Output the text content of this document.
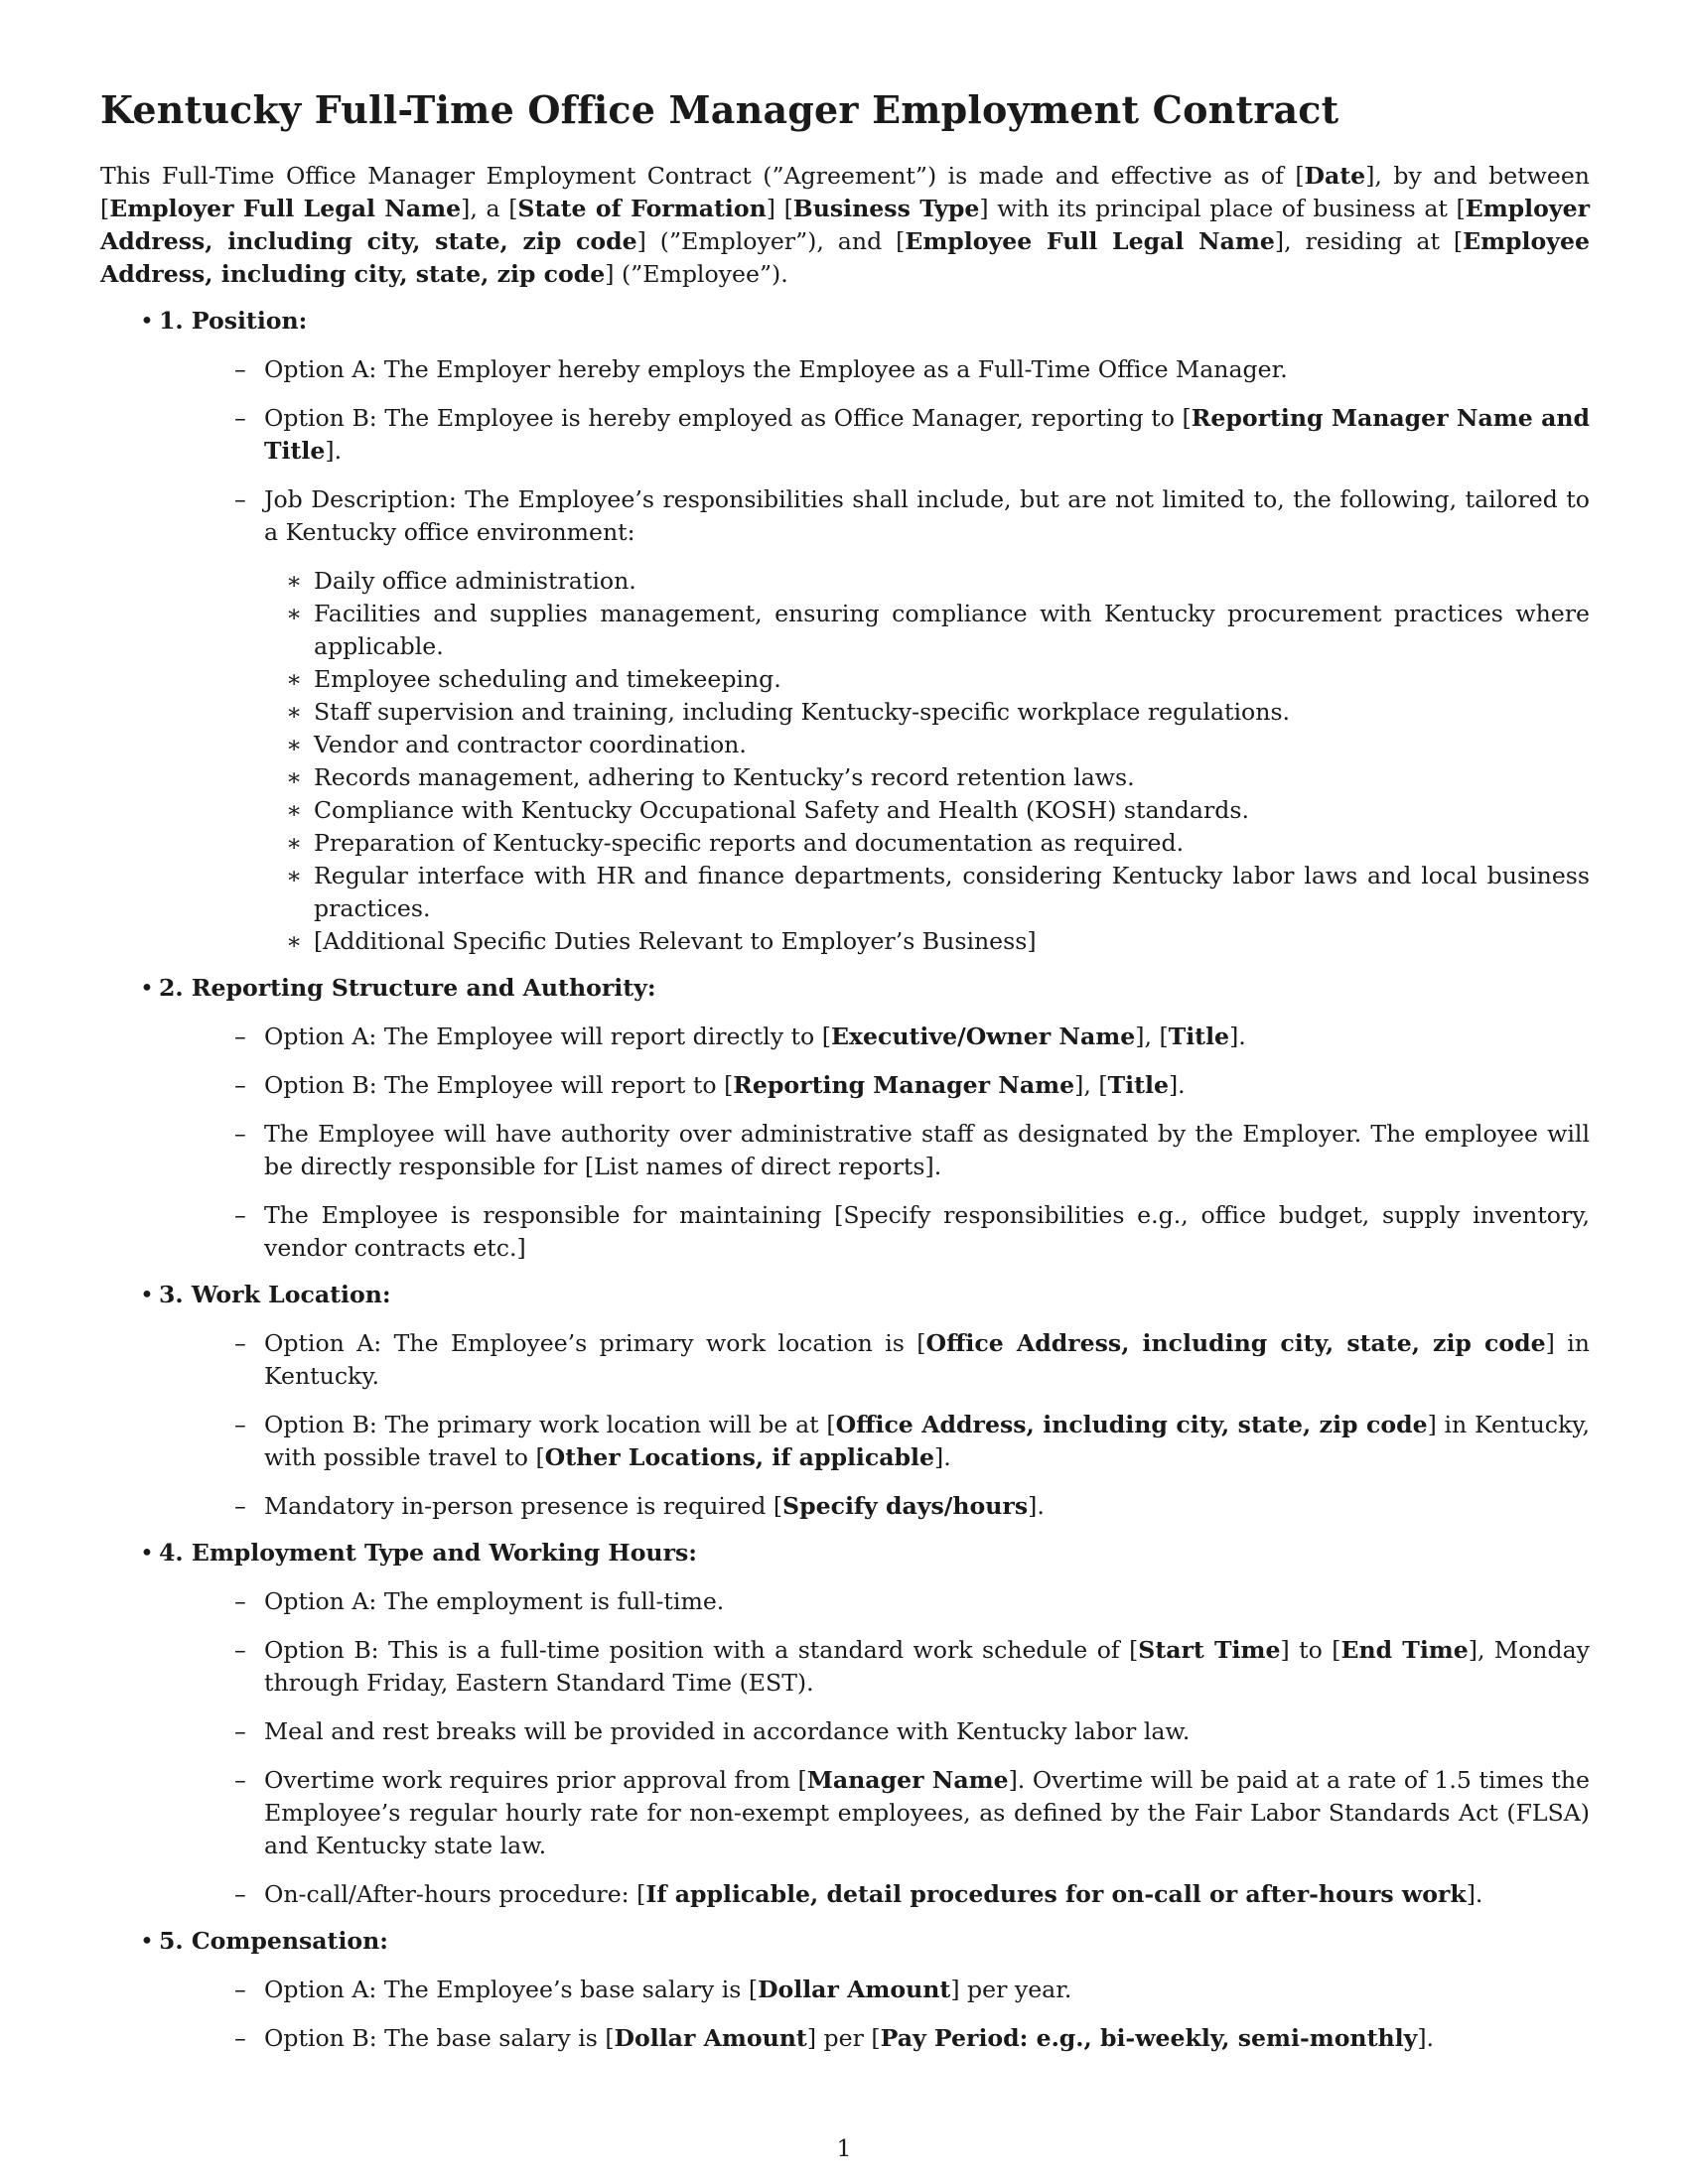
Kentucky Full-Time Office Manager Employment Contract

This Full-Time Office Manager Employment Contract (”Agreement”) is made and effective as of [Date], by and between [Employer Full Legal Name], a [State of Formation] [Business Type] with its principal place of business at [Employer Address, including city, state, zip code] (”Employer”), and [Employee Full Legal Name], residing at [Employee Address, including city, state, zip code] (”Employee”).

• 1. Position:
– Option A: The Employer hereby employs the Employee as a Full-Time Office Manager.
– Option B: The Employee is hereby employed as Office Manager, reporting to [Reporting Manager Name and Title].
– Job Description: The Employee’s responsibilities shall include, but are not limited to, the following, tailored to a Kentucky office environment:
∗ Daily office administration.
∗ Facilities and supplies management, ensuring compliance with Kentucky procurement practices where applicable.
∗ Employee scheduling and timekeeping.
∗ Staff supervision and training, including Kentucky-specific workplace regulations.
∗ Vendor and contractor coordination.
∗ Records management, adhering to Kentucky’s record retention laws.
∗ Compliance with Kentucky Occupational Safety and Health (KOSH) standards.
∗ Preparation of Kentucky-specific reports and documentation as required.
∗ Regular interface with HR and finance departments, considering Kentucky labor laws and local business practices.
∗ [Additional Specific Duties Relevant to Employer’s Business]
• 2. Reporting Structure and Authority:
– Option A: The Employee will report directly to [Executive/Owner Name], [Title].
– Option B: The Employee will report to [Reporting Manager Name], [Title].
– The Employee will have authority over administrative staff as designated by the Employer. The employee will be directly responsible for [List names of direct reports].
– The Employee is responsible for maintaining [Specify responsibilities e.g., office budget, supply inventory, vendor contracts etc.]
• 3. Work Location:
– Option A: The Employee’s primary work location is [Office Address, including city, state, zip code] in Kentucky.
– Option B: The primary work location will be at [Office Address, including city, state, zip code] in Kentucky, with possible travel to [Other Locations, if applicable].
– Mandatory in-person presence is required [Specify days/hours].
• 4. Employment Type and Working Hours:
– Option A: The employment is full-time.
– Option B: This is a full-time position with a standard work schedule of [Start Time] to [End Time], Monday through Friday, Eastern Standard Time (EST).
– Meal and rest breaks will be provided in accordance with Kentucky labor law.
– Overtime work requires prior approval from [Manager Name]. Overtime will be paid at a rate of 1.5 times the Employee’s regular hourly rate for non-exempt employees, as defined by the Fair Labor Standards Act (FLSA) and Kentucky state law.
– On-call/After-hours procedure: [If applicable, detail procedures for on-call or after-hours work].
• 5. Compensation:
– Option A: The Employee’s base salary is [Dollar Amount] per year.
– Option B: The base salary is [Dollar Amount] per [Pay Period: e.g., bi-weekly, semi-monthly].
1
